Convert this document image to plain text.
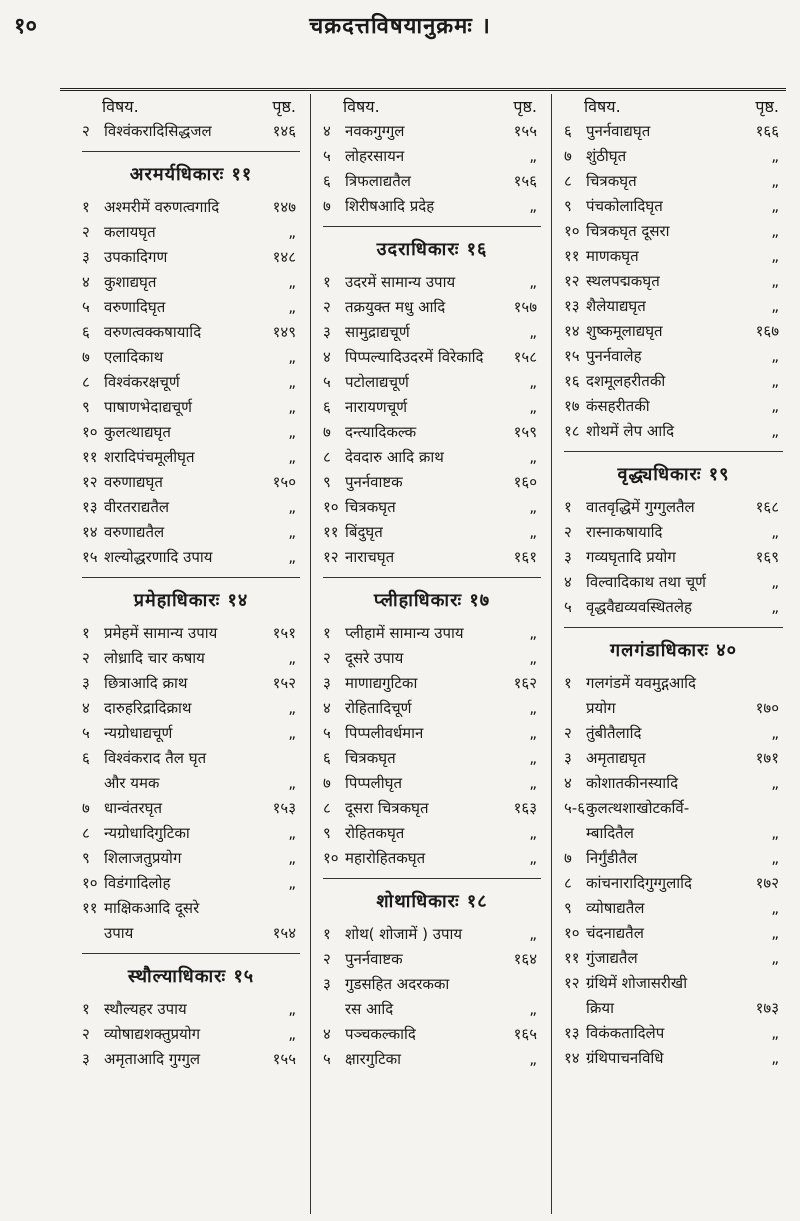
१०	चक्रदत्तविषयानुक्रमः ।
विषय.	पृष्ठ.
२ विश्वंकरादिसिद्धजल	१४६
अरमर्यधिकारः ११
१ अश्मरीमें वरुणत्वगादि	१४७
२ कलायघृत	„
३ उपकादिगण	१४८
४ कुशाद्यघृत	„
५ वरुणादिघृत	„
६ वरुणत्वक्कषायादि	१४९
७ एलादिकाथ	„
८ विश्वंकरक्षचूर्ण	„
९ पाषाणभेदाद्यचूर्ण	„
१० कुलत्थाद्यघृत	„
११ शरादिपंचमूलीघृत	„
१२ वरुणाद्यघृत	१५०
१३ वीरतराद्यतैल	„
१४ वरुणाद्यतैल	„
१५ शल्योद्धरणादि उपाय	„
प्रमेहाधिकारः १४
१ प्रमेहमें सामान्य उपाय	१५१
२ लोध्रादि चार कषाय	„
३ छित्राआदि क्राथ	१५२
४ दारुहरिद्रादिक्राथ	„
५ न्यग्रोधाद्यचूर्ण	„
६ विश्वंकराद तैल घृत
और यमक	„
७ धान्वंतरघृत	१५३
८ न्यग्रोधादिगुटिका	„
९ शिलाजतुप्रयोग	„
१० विडंगादिलोह	„
११ माक्षिकआदि दूसरे
उपाय	१५४
स्थौल्याधिकारः १५
१ स्थौल्यहर उपाय	„
२ व्योषाद्यशक्तुप्रयोग	„
३ अमृताआदि गुग्गुल	१५५
विषय.	पृष्ठ.
४ नवकगुग्गुल	१५५
५ लोहरसायन	„
६ त्रिफलाद्यतैल	१५६
७ शिरीषआदि प्रदेह	„
उदराधिकारः १६
१ उदरमें सामान्य उपाय	„
२ तक्रयुक्त मधु आदि	१५७
३ सामुद्राद्यचूर्ण	„
४ पिप्पल्यादिउदरमें विरेकादि	१५८
५ पटोलाद्यचूर्ण	„
६ नारायणचूर्ण	„
७ दन्त्यादिकल्क	१५९
८ देवदारु आदि क्राथ	„
९ पुनर्नवाष्टक	१६०
१० चित्रकघृत	„
११ बिंदुघृत	„
१२ नाराचघृत	१६१
प्लीहाधिकारः १७
१ प्लीहामें सामान्य उपाय	„
२ दूसरे उपाय	„
३ माणाद्यगुटिका	१६२
४ रोहितादिचूर्ण	„
५ पिप्पलीवर्धमान	„
६ चित्रकघृत	„
७ पिप्पलीघृत	„
८ दूसरा चित्रकघृत	१६३
९ रोहितकघृत	„
१० महारोहितकघृत	„
शोथाधिकारः १८
१ शोथ( शोजामें ) उपाय	„
२ पुनर्नवाष्टक	१६४
३ गुडसहित अदरकका
रस आदि	„
४ पञ्चकल्कादि	१६५
५ क्षारगुटिका	„
विषय.	पृष्ठ.
६ पुनर्नवाद्यघृत	१६६
७ शुंठीघृत	„
८ चित्रकघृत	„
९ पंचकोलादिघृत	„
१० चित्रकघृत दूसरा	„
११ माणकघृत	„
१२ स्थलपद्मकघृत	„
१३ शैलेयाद्यघृत	„
१४ शुष्कमूलाद्यघृत	१६७
१५ पुनर्नवालेह	„
१६ दशमूलहरीतकी	„
१७ कंसहरीतकी	„
१८ शोथमें लेप आदि	„
वृद्ध्यधिकारः १९
१ वातवृद्धिमें गुग्गुलतैल	१६८
२ रास्नाकषायादि	„
३ गव्यघृतादि प्रयोग	१६९
४ विल्वादिकाथ तथा चूर्ण	„
५ वृद्धवैद्यव्यवस्थितलेह	„
गलगंडाधिकारः ४०
१ गलगंडमें यवमुद्गआदि
प्रयोग	१७०
२ तुंबीतैलादि	„
३ अमृताद्यघृत	१७१
४ कोशातकीनस्यादि	„
५-६ कुलत्थशाखोटकर्वि-
म्बादितैल	„
७ निर्गुंडीतैल	„
८ कांचनारादिगुग्गुलादि	१७२
९ व्योषाद्यतैल	„
१० चंदनाद्यतैल	„
११ गुंजाद्यतैल	„
१२ ग्रंथिमें शोजासरीखी
क्रिया	१७३
१३ विकंकतादिलेप	„
१४ ग्रंथिपाचनविधि	„
